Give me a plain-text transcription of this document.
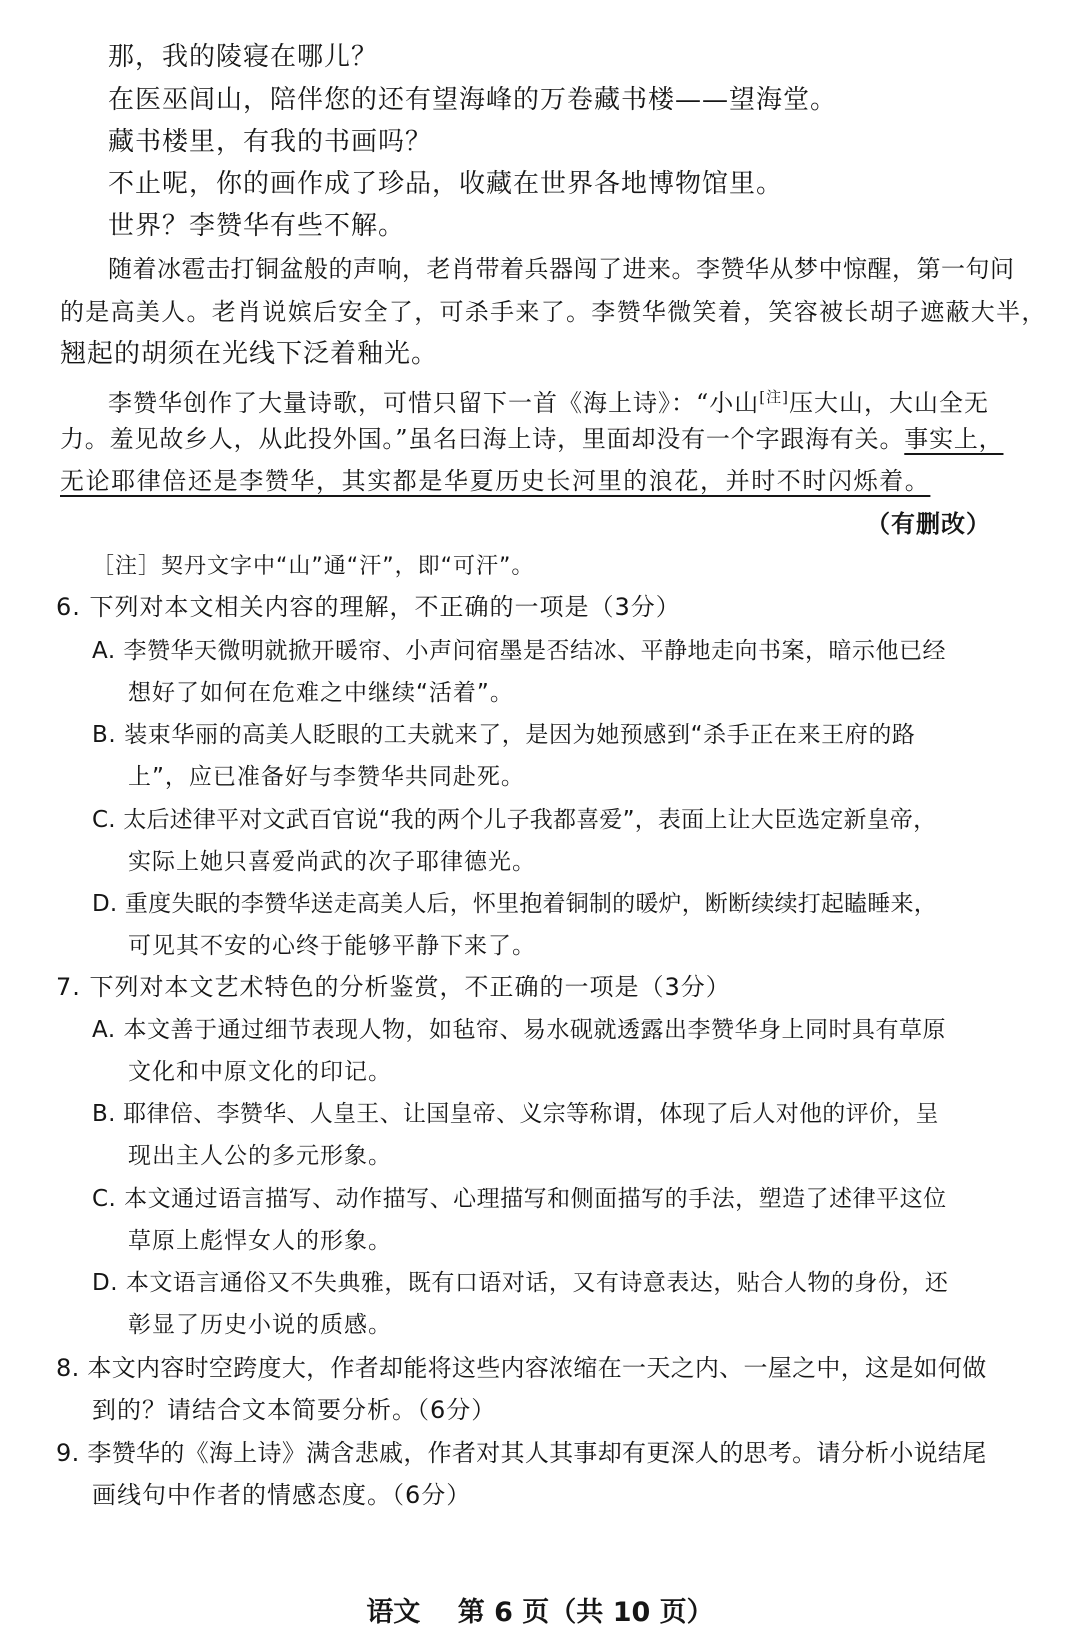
那，我的陵寝在哪儿？
在医巫闾山，陪伴您的还有望海峰的万卷藏书楼——望海堂。
藏书楼里，有我的书画吗？
不止呢，你的画作成了珍品，收藏在世界各地博物馆里。
世界？李赞华有些不解。
随着冰雹击打铜盆般的声响，老肖带着兵器闯了进来。李赞华从梦中惊醒，第一句问
的是高美人。老肖说嫔后安全了，可杀手来了。李赞华微笑着，笑容被长胡子遮蔽大半，
翘起的胡须在光线下泛着釉光。
李赞华创作了大量诗歌，可惜只留下一首《海上诗》：“小山[注]压大山，大山全无
力。羞见故乡人，从此投外国。”虽名曰海上诗，里面却没有一个字跟海有关。事实上，
无论耶律倍还是李赞华，其实都是华夏历史长河里的浪花，并时不时闪烁着。
（有删改）
［注］契丹文字中“山”通“汗”，即“可汗”。
6. 下列对本文相关内容的理解，不正确的一项是（3分）
A. 李赞华天微明就掀开暖帘、小声问宿墨是否结冰、平静地走向书案，暗示他已经
想好了如何在危难之中继续“活着”。
B. 装束华丽的高美人眨眼的工夫就来了，是因为她预感到“杀手正在来王府的路
上”，应已准备好与李赞华共同赴死。
C. 太后述律平对文武百官说“我的两个儿子我都喜爱”，表面上让大臣选定新皇帝，
实际上她只喜爱尚武的次子耶律德光。
D. 重度失眠的李赞华送走高美人后，怀里抱着铜制的暖炉，断断续续打起瞌睡来，
可见其不安的心终于能够平静下来了。
7. 下列对本文艺术特色的分析鉴赏，不正确的一项是（3分）
A. 本文善于通过细节表现人物，如毡帘、易水砚就透露出李赞华身上同时具有草原
文化和中原文化的印记。
B. 耶律倍、李赞华、人皇王、让国皇帝、义宗等称谓，体现了后人对他的评价，呈
现出主人公的多元形象。
C. 本文通过语言描写、动作描写、心理描写和侧面描写的手法，塑造了述律平这位
草原上彪悍女人的形象。
D. 本文语言通俗又不失典雅，既有口语对话，又有诗意表达，贴合人物的身份，还
彰显了历史小说的质感。
8. 本文内容时空跨度大，作者却能将这些内容浓缩在一天之内、一屋之中，这是如何做
到的？请结合文本简要分析。（6分）
9. 李赞华的《海上诗》满含悲戚，作者对其人其事却有更深人的思考。请分析小说结尾
画线句中作者的情感态度。（6分）
语文 第 6 页（共 10 页）
